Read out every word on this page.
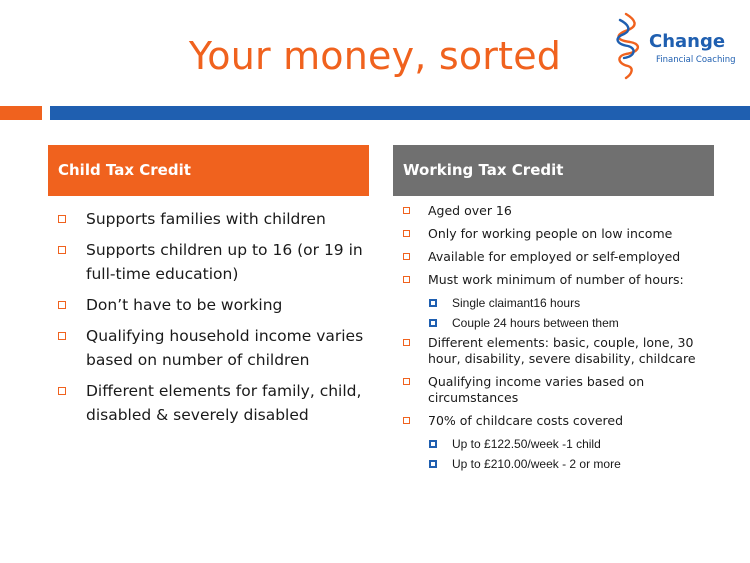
Your money, sorted	Change
Financial Coaching
Child Tax Credit	Working Tax Credit
Supports families with children
Supports children up to 16 (or 19 in full-time education)
Don’t have to be working
Qualifying household income varies based on number of children
Different elements for family, child, disabled & severely disabled
Aged over 16
Only for working people on low income
Available for employed or self-employed
Must work minimum of number of hours:
Single claimant16 hours
Couple 24 hours between them
Different elements: basic, couple, lone, 30 hour, disability, severe disability, childcare
Qualifying income varies based on circumstances
70% of childcare costs covered
Up to £122.50/week -1 child
Up to £210.00/week - 2 or more
